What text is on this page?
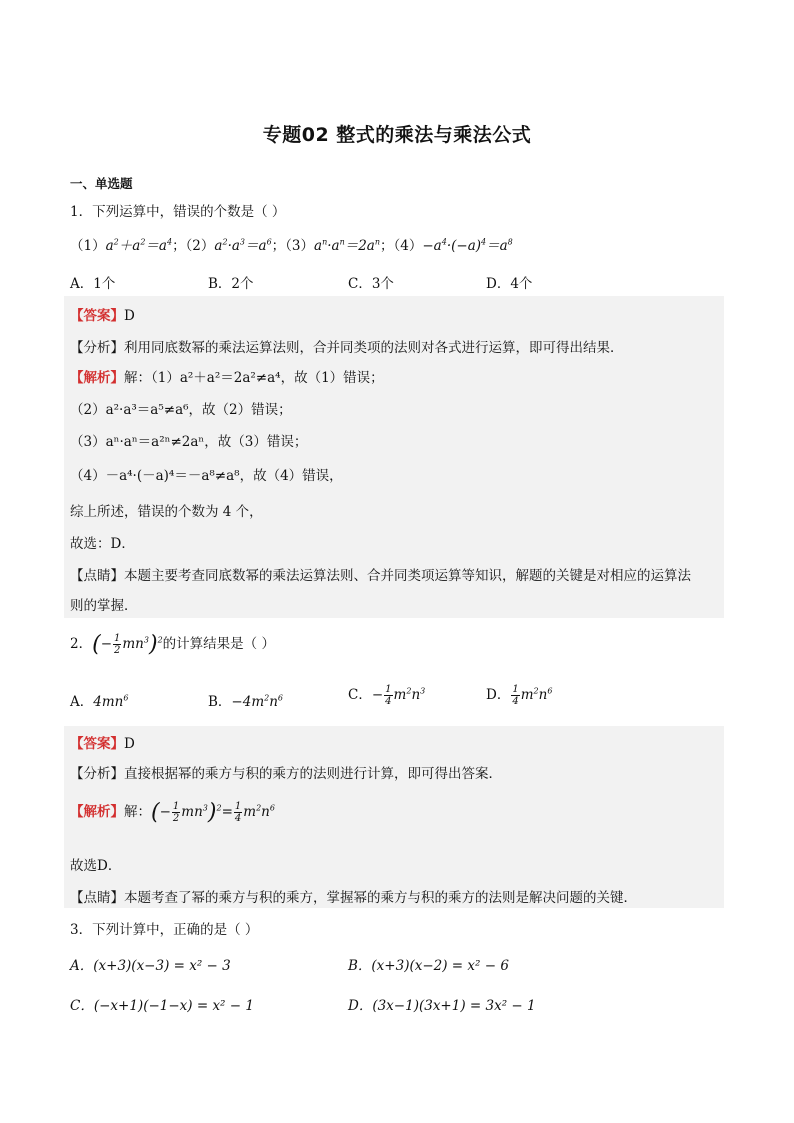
专题02 整式的乘法与乘法公式
一、单选题
1．下列运算中，错误的个数是（ ）
$(1)a^2+a^2=a^4$；$(2)a^2\cdot a^3=a^6$；$(3)a^n\cdot a^n=2a^n$；$(4)-a^4\cdot(-a)^4=a^8$
A．1个	B．2个	C．3个	D．4个
【答案】D
【分析】利用同底数幂的乘法运算法则，合并同类项的法则对各式进行运算，即可得出结果．
【解析】解：（1）a²＋a²＝2a²≠a⁴，故（1）错误；
（2）a²·a³＝a⁵≠a⁶，故（2）错误；
（3）aⁿ·aⁿ＝a²ⁿ≠2aⁿ，故（3）错误；
（4）－a⁴·(－a)⁴＝－a⁸≠a⁸，故（4）错误，
综上所述，错误的个数为 4 个，
故选：D．
【点睛】本题主要考查同底数幂的乘法运算法则、合并同类项运算等知识，解题的关键是对相应的运算法
则的掌握．
2．(− $\frac{1}{2} mn^3)^2$的计算结果是（ ）
A．$4mn^6$	B．$-4m^2n^6$	C．− $\frac{1}{4} m^2n^3$	D． $\frac{1}{4} m^2n^6$
【答案】D
【分析】直接根据幂的乘方与积的乘方的法则进行计算，即可得出答案．
【解析】解：(− $\frac{1}{2} mn^3)^2= \frac{1}{4} m^2n^6$
故选D．
【点睛】本题考查了幂的乘方与积的乘方，掌握幂的乘方与积的乘方的法则是解决问题的关键．
3．下列计算中，正确的是（ ）
A．(x+3)(x−3) = x² − 3	B．(x+3)(x−2) = x² − 6
C．(−x+1)(−1−x) = x² − 1	D．(3x−1)(3x+1) = 3x² − 1
